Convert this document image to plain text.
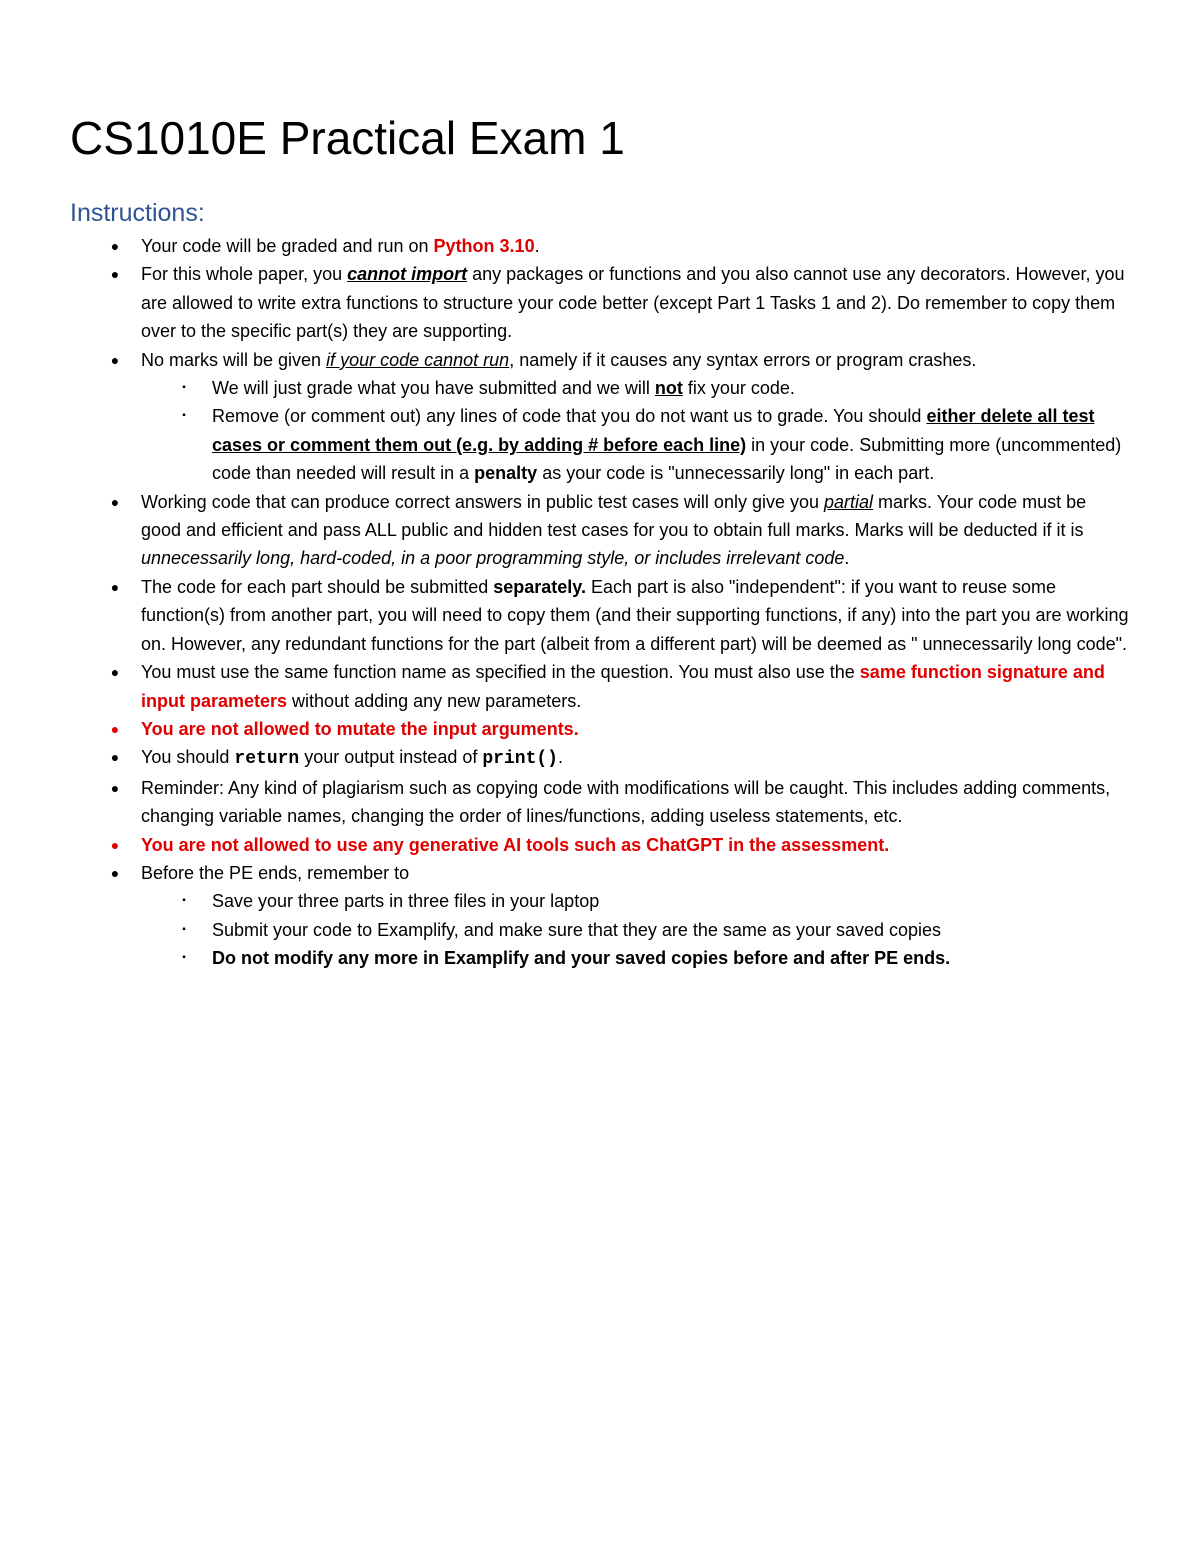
CS1010E Practical Exam 1
Instructions:
●	Your code will be graded and run on Python 3.10.
●	For this whole paper, you cannot import any packages or functions and you also cannot use any decorators. However, you are allowed to write extra functions to structure your code better (except Part 1 Tasks 1 and 2). Do remember to copy them over to the specific part(s) they are supporting.
●	No marks will be given if your code cannot run, namely if it causes any syntax errors or program crashes.
▪	We will just grade what you have submitted and we will not fix your code.
▪	Remove (or comment out) any lines of code that you do not want us to grade. You should either delete all test cases or comment them out (e.g. by adding # before each line) in your code. Submitting more (uncommented) code than needed will result in a penalty as your code is "unnecessarily long" in each part.
●	Working code that can produce correct answers in public test cases will only give you partial marks. Your code must be good and efficient and pass ALL public and hidden test cases for you to obtain full marks. Marks will be deducted if it is unnecessarily long, hard-coded, in a poor programming style, or includes irrelevant code.
●	The code for each part should be submitted separately. Each part is also "independent": if you want to reuse some function(s) from another part, you will need to copy them (and their supporting functions, if any) into the part you are working on. However, any redundant functions for the part (albeit from a different part) will be deemed as " unnecessarily long code".
●	You must use the same function name as specified in the question. You must also use the same function signature and input parameters without adding any new parameters.
●	You are not allowed to mutate the input arguments.
●	You should return your output instead of print().
●	Reminder: Any kind of plagiarism such as copying code with modifications will be caught. This includes adding comments, changing variable names, changing the order of lines/functions, adding useless statements, etc.
●	You are not allowed to use any generative AI tools such as ChatGPT in the assessment.
●	Before the PE ends, remember to
▪	Save your three parts in three files in your laptop
▪	Submit your code to Examplify, and make sure that they are the same as your saved copies
▪	Do not modify any more in Examplify and your saved copies before and after PE ends.
